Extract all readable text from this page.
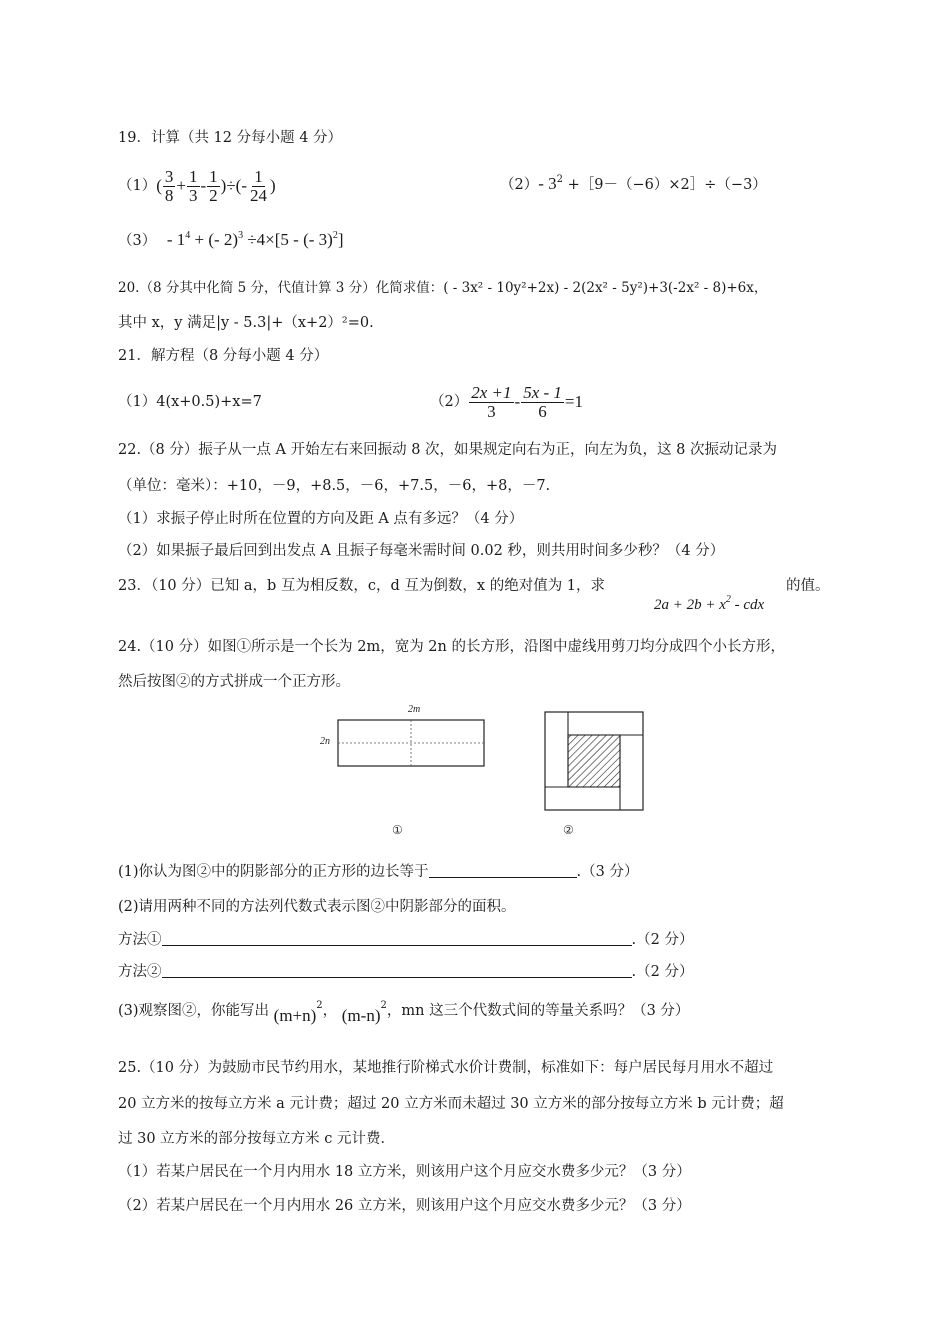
19．计算（共 12 分每小题 4 分）
（1） ( $\frac{3}{8} + \frac{1}{3} - \frac{1}{2}$ ) ÷(- $\frac{1}{24}$ )	（2）- $3^2$ +［9－（−6）×2］÷（−3）
$(3) - 1^4$ + (- 2)$^3$ ÷4×[5 - (- 3)$^2$]
20.（8 分其中化简 5 分，代值计算 3 分）化简求值：( - 3x² - 10y²+2x) - 2(2x² - 5y²)+3(-2x² - 8)+6x，
其中 x，y 满足|y - 5.3|+（x+2）²=0.
21．解方程（8 分每小题 4 分）
（1）4(x+0.5)+x=7	$(2) \frac{2x +1}{3} - \frac{5x - 1}{6} =1$
22.（8 分）振子从一点 A 开始左右来回振动 8 次，如果规定向右为正，向左为负，这 8 次振动记录为
（单位：毫米）：+10，－9，+8.5，－6，+7.5，－6，+8，－7.
（1）求振子停止时所在位置的方向及距 A 点有多远？（4 分）
（2）如果振子最后回到出发点 A 且振子每毫米需时间 0.02 秒，则共用时间多少秒？（4 分）
23．（10 分）已知 a，b 互为相反数，c，d 互为倒数，x 的绝对值为 1，求
$2a + 2b + x^2$ - cdx
的值。
24.（10 分）如图①所示是一个长为 2m，宽为 2n 的长方形，沿图中虚线用剪刀均分成四个小长方形，
然后按图②的方式拼成一个正方形。
2m
2n
①	②
(1)你认为图②中的阴影部分的正方形的边长等于	.（3 分）
(2)请用两种不同的方法列代数式表示图②中阴影部分的面积。
方法①	.（2 分）
方法②	.（2 分）
(3)观察图②，你能写出 $(m+n)^2$， $(m-n)^2$，mn 这三个代数式间的等量关系吗？（3 分）
25.（10 分）为鼓励市民节约用水，某地推行阶梯式水价计费制，标准如下：每户居民每月用水不超过
20 立方米的按每立方米 a 元计费；超过 20 立方米而未超过 30 立方米的部分按每立方米 b 元计费；超
过 30 立方米的部分按每立方米 c 元计费．
（1）若某户居民在一个月内用水 18 立方米，则该用户这个月应交水费多少元？（3 分）
（2）若某户居民在一个月内用水 26 立方米，则该用户这个月应交水费多少元？（3 分）
